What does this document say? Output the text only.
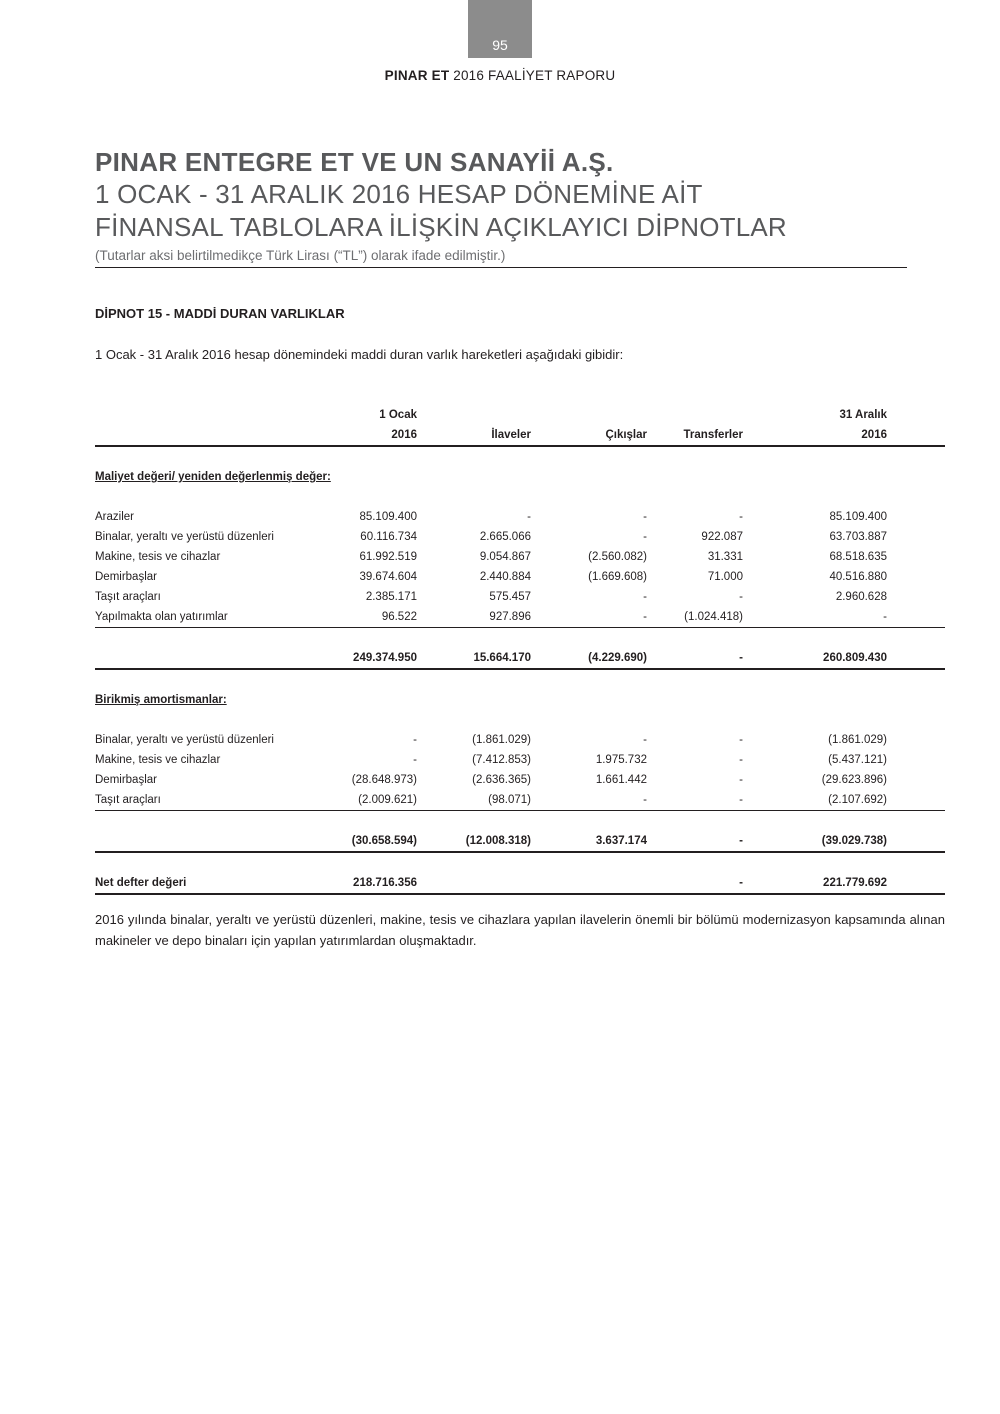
95
PINAR ET 2016 FAALİYET RAPORU
PINAR ENTEGRE ET VE UN SANAYİİ A.Ş.
1 OCAK - 31 ARALIK 2016 HESAP DÖNEMİNE AİT
FİNANSAL TABLOLARA İLİŞKİN AÇIKLAYICI DİPNOTLAR
(Tutarlar aksi belirtilmedikçe Türk Lirası (“TL”) olarak ifade edilmiştir.)
DİPNOT 15 - MADDİ DURAN VARLIKLAR
1 Ocak - 31 Aralık 2016 hesap dönemindeki maddi duran varlık hareketleri aşağıdaki gibidir:
	1 Ocak				31 Aralık	
	2016	İlaveler	Çıkışlar	Transferler	2016	

Maliyet değeri/ yeniden değerlenmiş değer:						

Araziler	85.109.400	-	-	-	85.109.400	
Binalar, yeraltı ve yerüstü düzenleri	60.116.734	2.665.066	-	922.087	63.703.887	
Makine, tesis ve cihazlar	61.992.519	9.054.867	(2.560.082)	31.331	68.518.635	
Demirbaşlar	39.674.604	2.440.884	(1.669.608)	71.000	40.516.880	
Taşıt araçları	2.385.171	575.457	-	-	2.960.628	
Yapılmakta olan yatırımlar	96.522	927.896	-	(1.024.418)	-	

	249.374.950	15.664.170	(4.229.690)	-	260.809.430	

Birikmiş amortismanlar:						

Binalar, yeraltı ve yerüstü düzenleri	-	(1.861.029)	-	-	(1.861.029)	
Makine, tesis ve cihazlar	-	(7.412.853)	1.975.732	-	(5.437.121)	
Demirbaşlar	(28.648.973)	(2.636.365)	1.661.442	-	(29.623.896)	
Taşıt araçları	(2.009.621)	(98.071)	-	-	(2.107.692)	

	(30.658.594)	(12.008.318)	3.637.174	-	(39.029.738)	

Net defter değeri	218.716.356			-	221.779.692	
2016 yılında binalar, yeraltı ve yerüstü düzenleri, makine, tesis ve cihazlara yapılan ilavelerin önemli bir bölümü modernizasyon kapsamında alınan makineler ve depo binaları için yapılan yatırımlardan oluşmaktadır.
